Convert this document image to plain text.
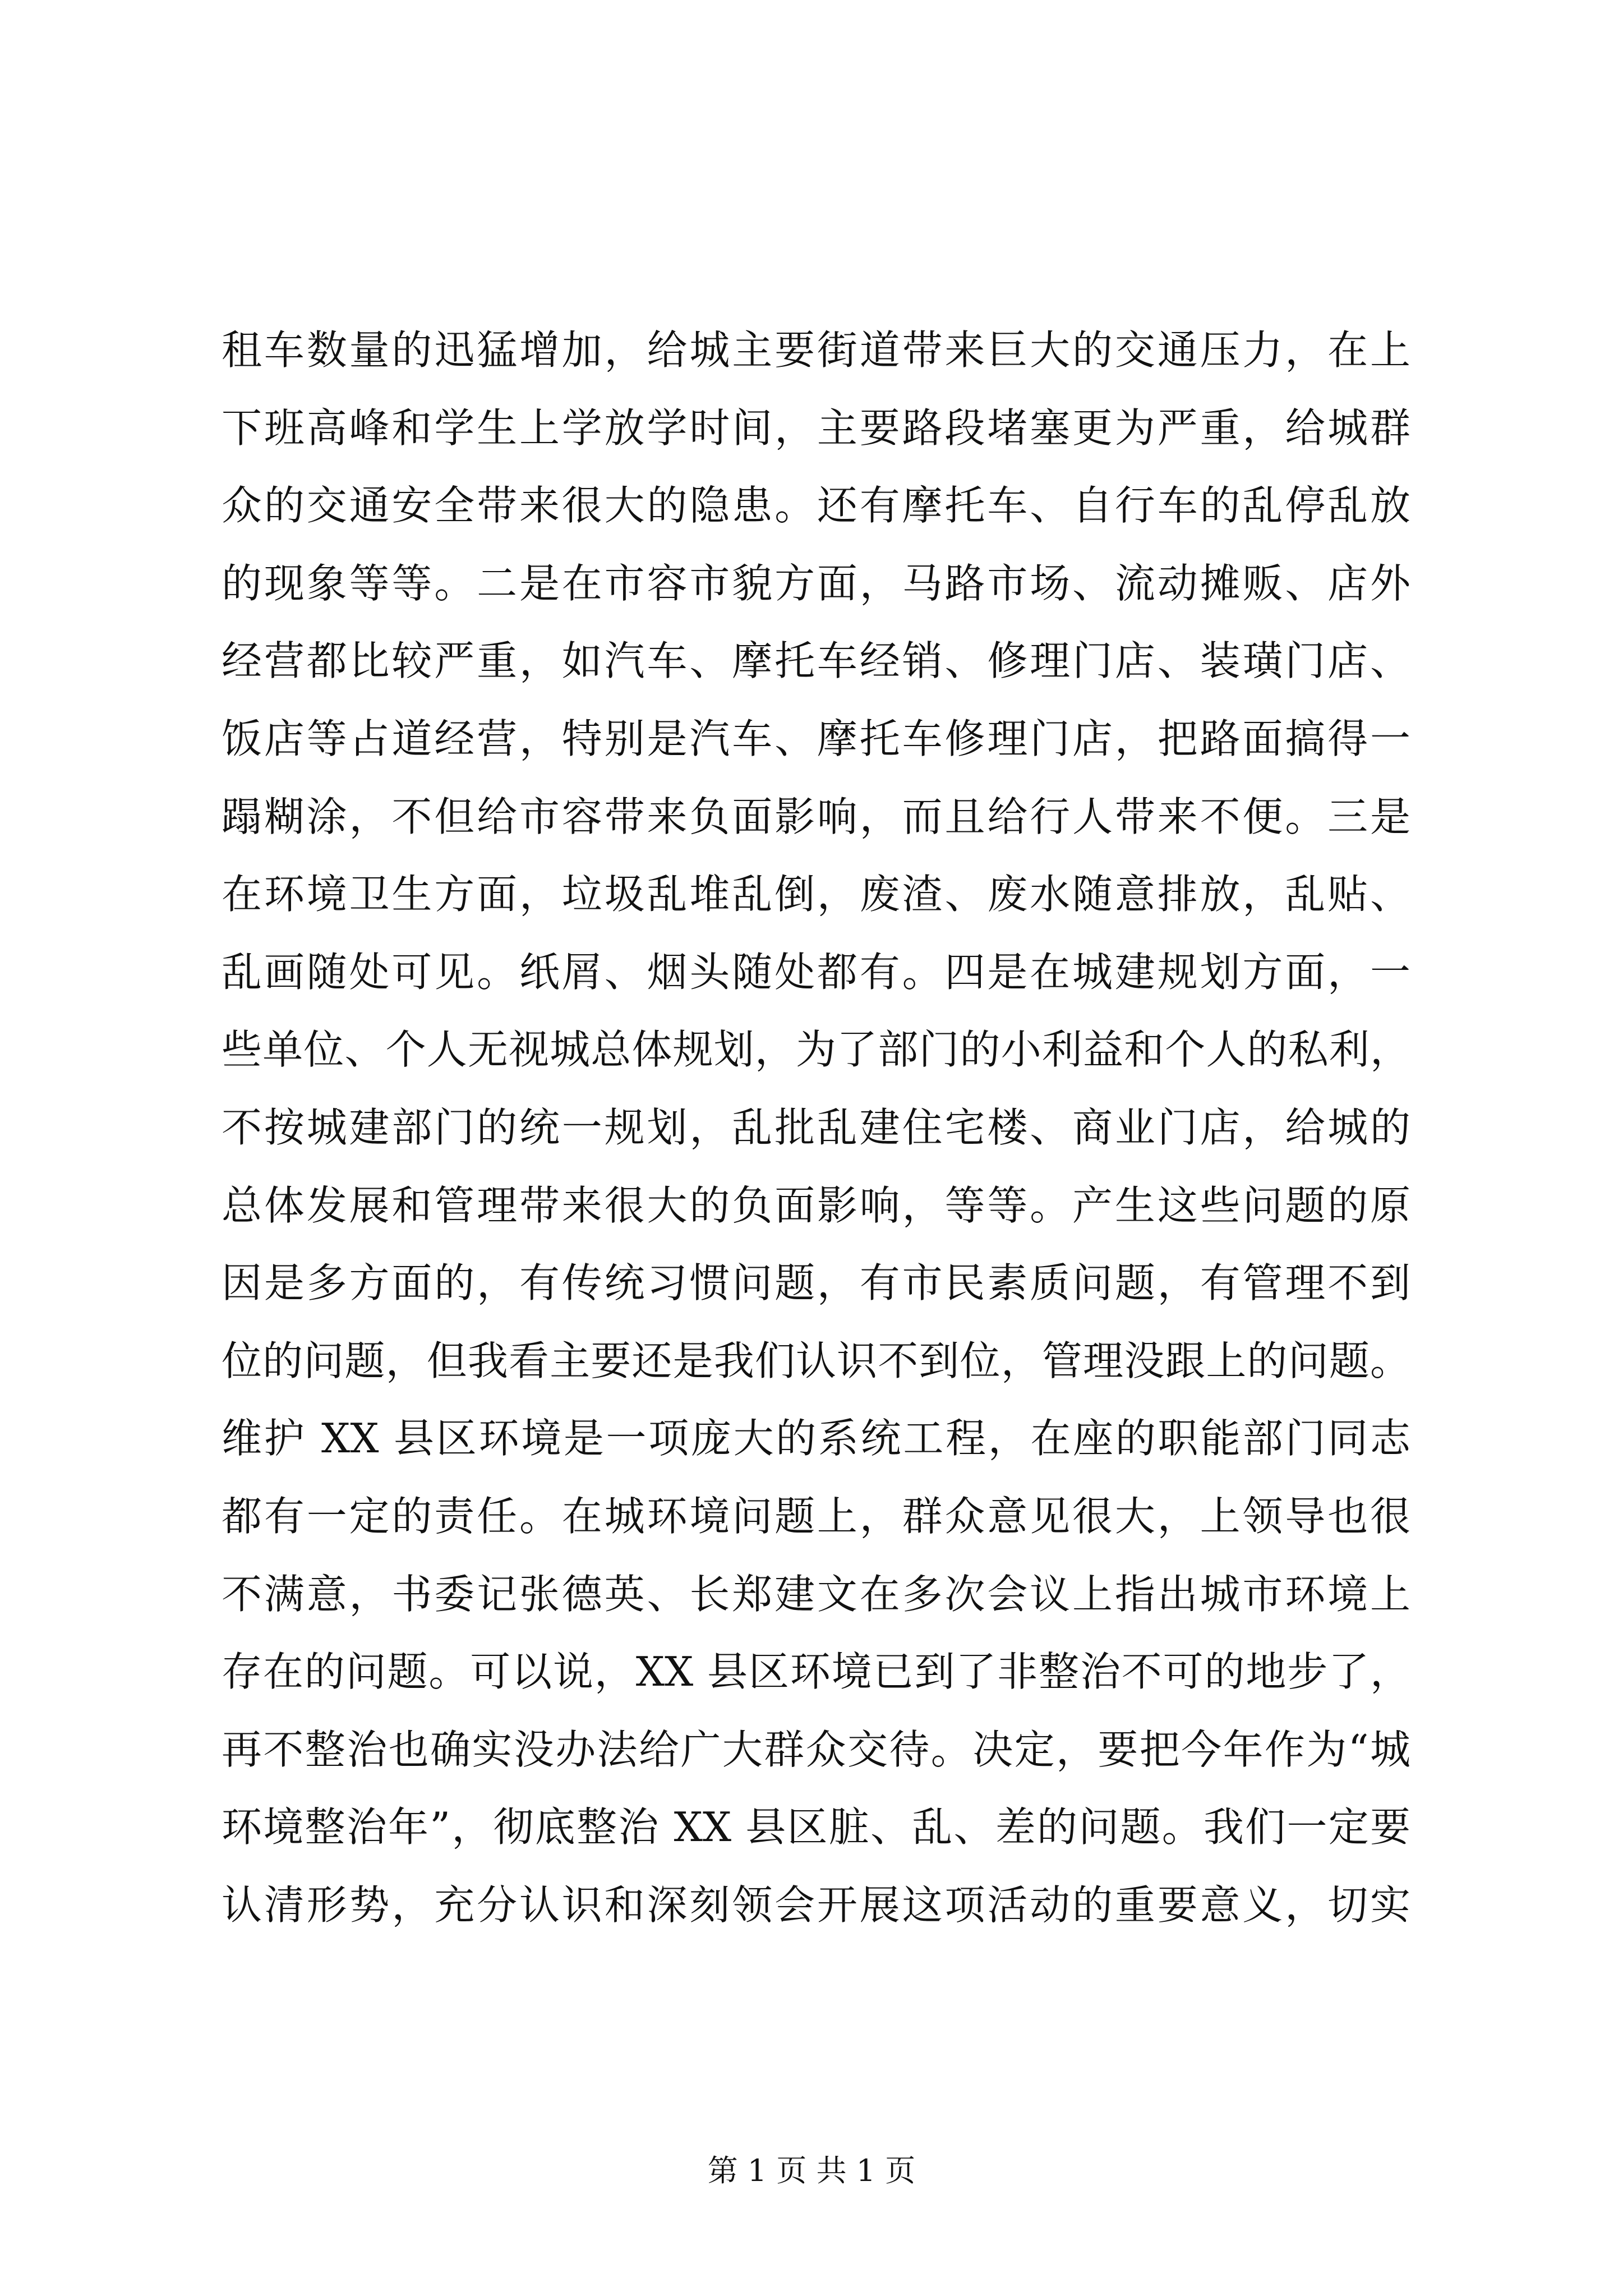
租车数量的迅猛增加，给城主要街道带来巨大的交通压力，在上
下班高峰和学生上学放学时间，主要路段堵塞更为严重，给城群
众的交通安全带来很大的隐患。还有摩托车、自行车的乱停乱放
的现象等等。二是在市容市貌方面，马路市场、流动摊贩、店外
经营都比较严重，如汽车、摩托车经销、修理门店、装璜门店、
饭店等占道经营，特别是汽车、摩托车修理门店，把路面搞得一
蹋糊涂，不但给市容带来负面影响，而且给行人带来不便。三是
在环境卫生方面，垃圾乱堆乱倒，废渣、废水随意排放，乱贴、
乱画随处可见。纸屑、烟头随处都有。四是在城建规划方面，一
些单位、个人无视城总体规划，为了部门的小利益和个人的私利，
不按城建部门的统一规划，乱批乱建住宅楼、商业门店，给城的
总体发展和管理带来很大的负面影响，等等。产生这些问题的原
因是多方面的，有传统习惯问题，有市民素质问题，有管理不到
位的问题，但我看主要还是我们认识不到位，管理没跟上的问题。
维护 XX 县区环境是一项庞大的系统工程，在座的职能部门同志
都有一定的责任。在城环境问题上，群众意见很大，上领导也很
不满意，书委记张德英、长郑建文在多次会议上指出城市环境上
存在的问题。可以说，XX 县区环境已到了非整治不可的地步了，
再不整治也确实没办法给广大群众交待。决定，要把今年作为“城
环境整治年”，彻底整治 XX 县区脏、乱、差的问题。我们一定要
认清形势，充分认识和深刻领会开展这项活动的重要意义，切实
第 1 页 共 1 页
